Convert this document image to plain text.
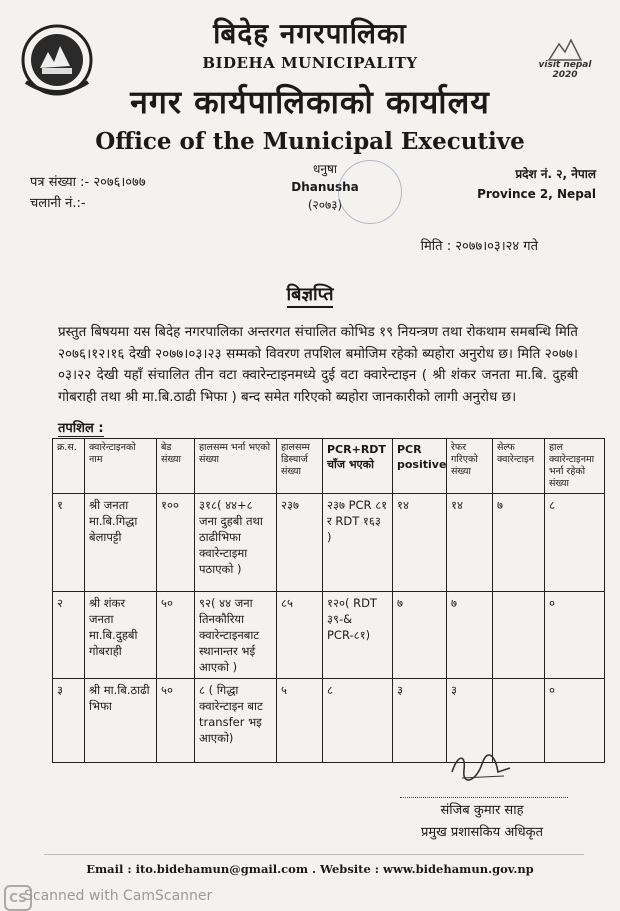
visit nepal 2020
बिदेह नगरपालिका
BIDEHA MUNICIPALITY
नगर कार्यपालिकाको कार्यालय
Office of the Municipal Executive
पत्र संख्या :- २०७६।०७७
चलानी नं.:-
धनुषा
Dhanusha
(२०७३)
प्रदेश नं. २, नेपाल
Province 2, Nepal
मिति : २०७७।०३।२४ गते
बिज्ञप्ति
प्रस्तुत बिषयमा यस बिदेह नगरपालिका अन्तरगत संचालित कोभिड १९ नियन्त्रण तथा रोकथाम समबन्धि मिति २०७६।१२।१६ देखी २०७७।०३।२३ सम्मको विवरण तपशिल बमोजिम रहेको ब्यहोरा अनुरोध छ। मिति २०७७।०३।२२ देखी यहाँ संचालित तीन वटा क्वारेन्टाइनमध्ये दुई वटा क्वारेन्टाइन ( श्री शंकर जनता मा.बि. दुहबी गोबराही तथा श्री मा.बि.ठाढी भिफा ) बन्द समेत गरिएको ब्यहोरा जानकारीको लागी अनुरोध छ।
तपशिल :
क्र.स.	क्वारेन्टाइनको नाम	बेड संख्या	हालसम्म भर्ना भएको संख्या	हालसम्म डिस्चार्ज संख्या	PCR+RDT चाँज भएको	PCR positive	रेफर गरिएको संख्या	सेल्फ क्वारेन्टाइन	हाल क्वारेन्टाइनमा भर्ना रहेको संख्या
१	श्री जनता मा.बि.गिद्धा बेलापट्टी	१००	३१८( ४४+८ जना दुहबी तथा ठाढीभिफा क्वारेन्टाइमा पठाएको )	२३७	२३७ PCR ८१ र RDT १६३ )	१४	१४	७	८
२	श्री शंकर जनता मा.बि.दुहबी गोबराही	५०	९२( ४४ जना तिनकौरिया क्वारेन्टाइनबाट स्थानान्तर भई आएको )	८५	१२०( RDT ३९-& PCR-८१)	७	७		०
३	श्री मा.बि.ठाढी भिफा	५०	८ ( गिद्धा क्वारेन्टाइन बाट transfer भइ आएको)	५	८	३	३		०
संजिब कुमार साह
प्रमुख प्रशासकिय अधिकृत
Email : ito.bidehamun@gmail.com . Website : www.bidehamun.gov.np
CS
Scanned with CamScanner
